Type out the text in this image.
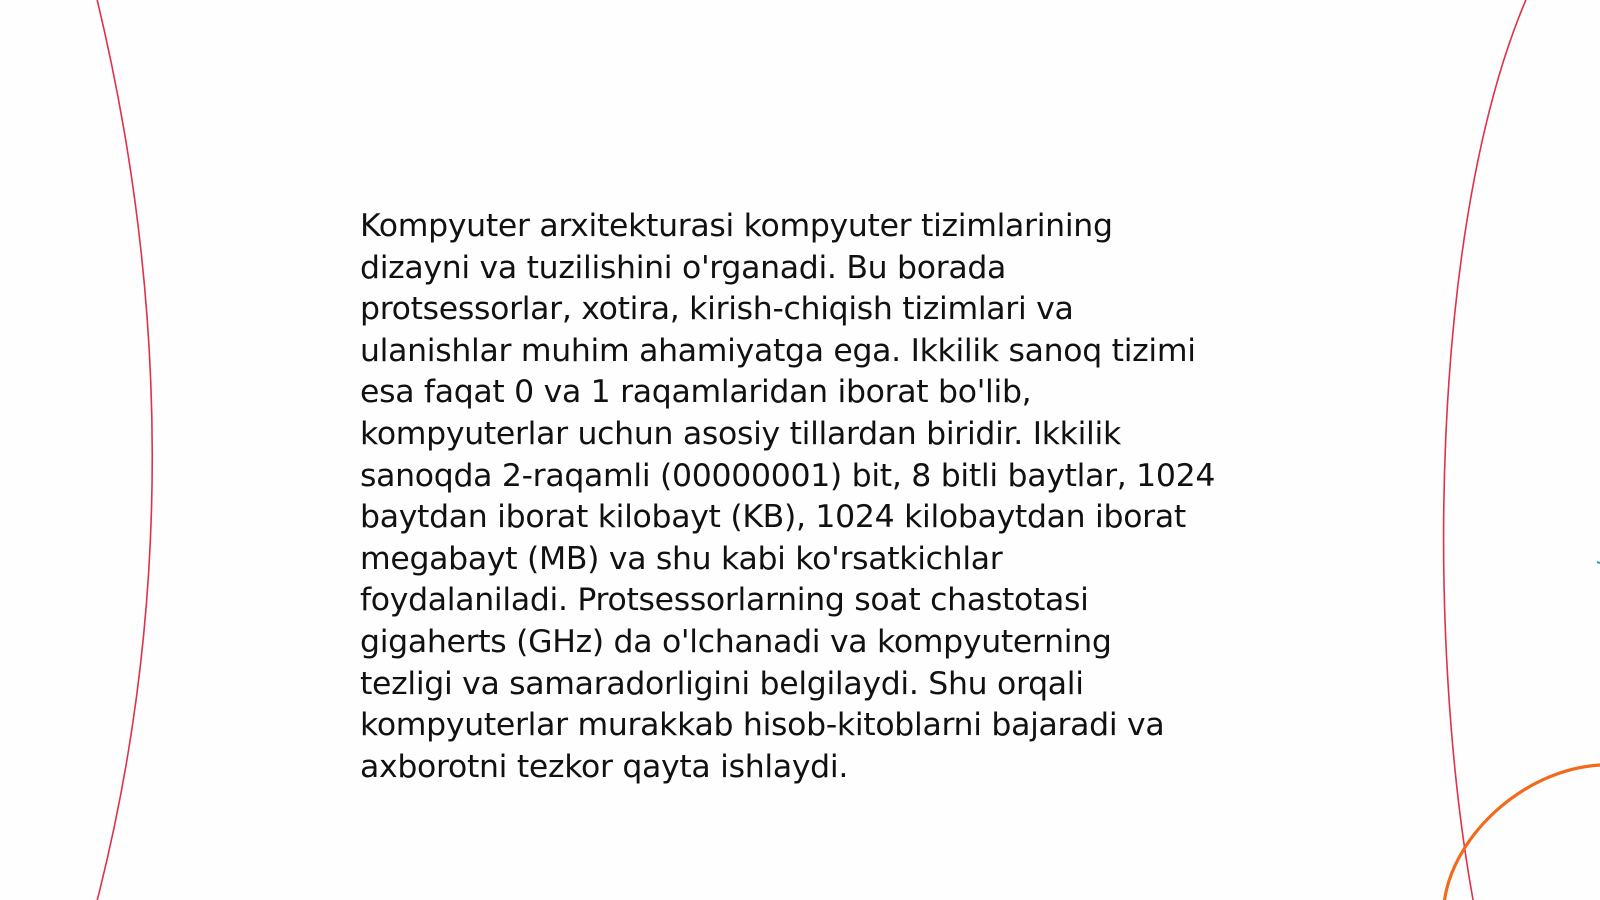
Kompyuter arxitekturasi kompyuter tizimlarining
dizayni va tuzilishini o'rganadi. Bu borada
protsessorlar, xotira, kirish-chiqish tizimlari va
ulanishlar muhim ahamiyatga ega. Ikkilik sanoq tizimi
esa faqat 0 va 1 raqamlaridan iborat bo'lib,
kompyuterlar uchun asosiy tillardan biridir. Ikkilik
sanoqda 2-raqamli (00000001) bit, 8 bitli baytlar, 1024
baytdan iborat kilobayt (KB), 1024 kilobaytdan iborat
megabayt (MB) va shu kabi ko'rsatkichlar
foydalaniladi. Protsessorlarning soat chastotasi
gigaherts (GHz) da o'lchanadi va kompyuterning
tezligi va samaradorligini belgilaydi. Shu orqali
kompyuterlar murakkab hisob-kitoblarni bajaradi va
axborotni tezkor qayta ishlaydi.
